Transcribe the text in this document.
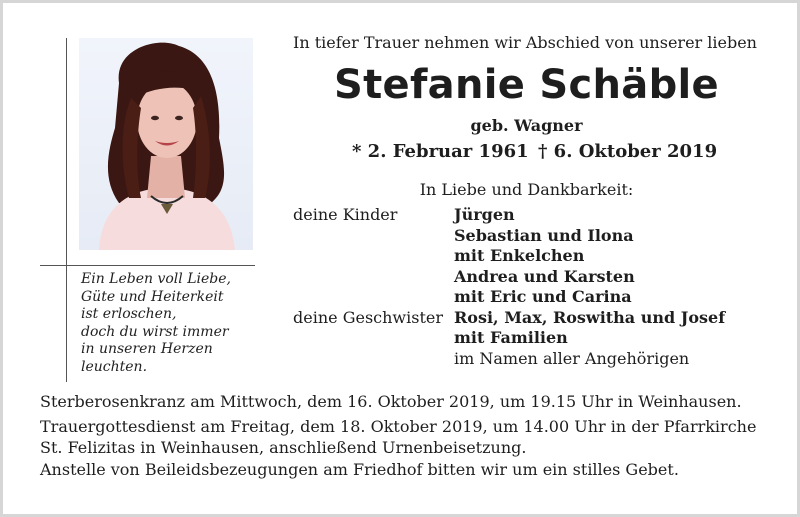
Ein Leben voll Liebe,
Güte und Heiterkeit
ist erloschen,
doch du wirst immer
in unseren Herzen
leuchten.
In tiefer Trauer nehmen wir Abschied von unserer lieben
Stefanie Schäble
geb. Wagner
* 2. Februar 1961 † 6. Oktober 2019
In Liebe und Dankbarkeit:
deine Kinder	Jürgen
Sebastian und Ilona
mit Enkelchen
Andrea und Karsten
mit Eric und Carina
deine Geschwister Rosi, Max, Roswitha und Josef
mit Familien
im Namen aller Angehörigen
Sterberosenkranz am Mittwoch, dem 16. Oktober 2019, um 19.15 Uhr in Weinhausen.
Trauergottesdienst am Freitag, dem 18. Oktober 2019, um 14.00 Uhr in der Pfarrkirche
St. Felizitas in Weinhausen, anschließend Urnenbeisetzung.
Anstelle von Beileidsbezeugungen am Friedhof bitten wir um ein stilles Gebet.
